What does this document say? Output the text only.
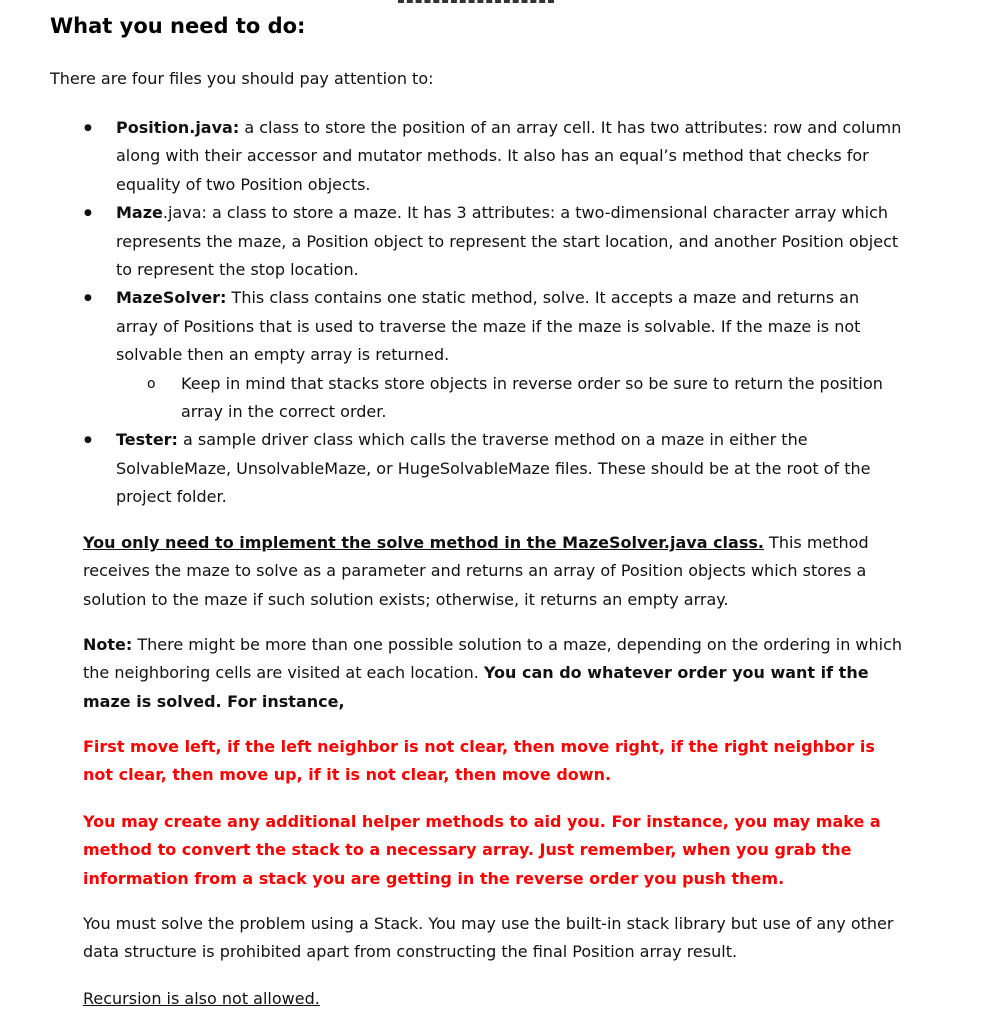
What you need to do:

There are four files you should pay attention to:

● Position.java: a class to store the position of an array cell. It has two attributes: row and column along with their accessor and mutator methods. It also has an equal’s method that checks for equality of two Position objects.
● Maze.java: a class to store a maze. It has 3 attributes: a two-dimensional character array which represents the maze, a Position object to represent the start location, and another Position object to represent the stop location.
● MazeSolver: This class contains one static method, solve. It accepts a maze and returns an array of Positions that is used to traverse the maze if the maze is solvable. If the maze is not solvable then an empty array is returned.
o Keep in mind that stacks store objects in reverse order so be sure to return the position array in the correct order.
● Tester: a sample driver class which calls the traverse method on a maze in either the SolvableMaze, UnsolvableMaze, or HugeSolvableMaze files. These should be at the root of the project folder.

You only need to implement the solve method in the MazeSolver.java class. This method receives the maze to solve as a parameter and returns an array of Position objects which stores a solution to the maze if such solution exists; otherwise, it returns an empty array.

Note: There might be more than one possible solution to a maze, depending on the ordering in which the neighboring cells are visited at each location. You can do whatever order you want if the maze is solved. For instance,

First move left, if the left neighbor is not clear, then move right, if the right neighbor is not clear, then move up, if it is not clear, then move down.

You may create any additional helper methods to aid you. For instance, you may make a method to convert the stack to a necessary array. Just remember, when you grab the information from a stack you are getting in the reverse order you push them.

You must solve the problem using a Stack. You may use the built-in stack library but use of any other data structure is prohibited apart from constructing the final Position array result.

Recursion is also not allowed.
